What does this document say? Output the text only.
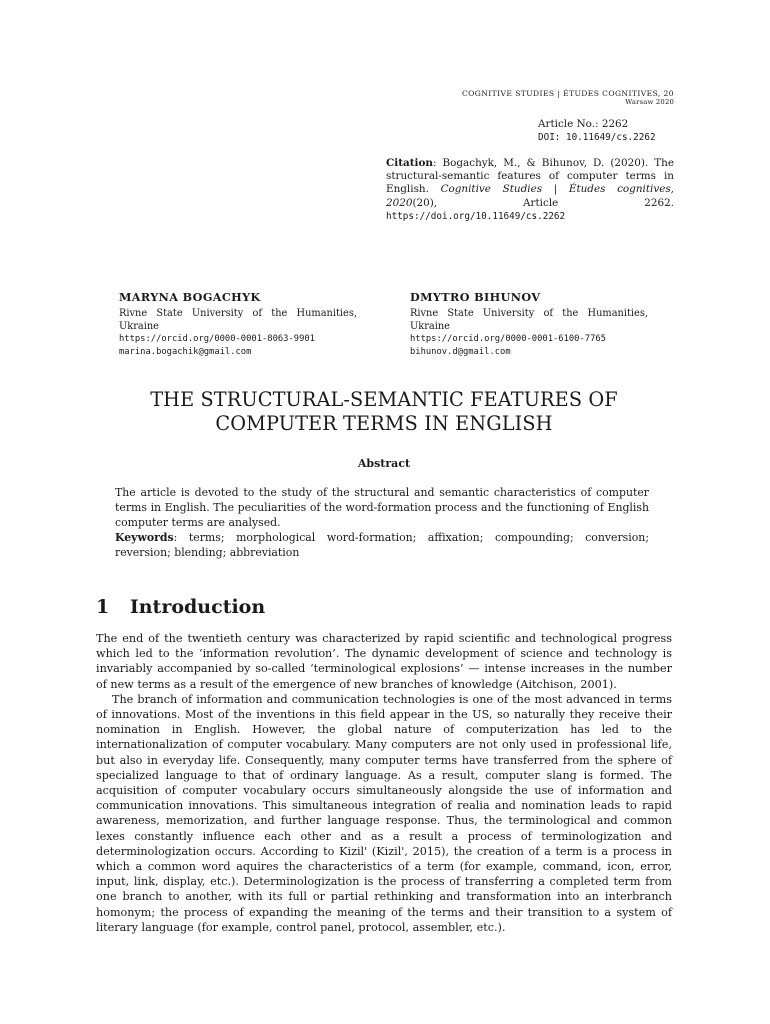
COGNITIVE STUDIES | ÉTUDES COGNITIVES, 20
Warsaw 2020
Article No.: 2262
DOI: 10.11649/cs.2262
Citation: Bogachyk, M., & Bihunov, D. (2020). The structural-semantic features of computer terms in English. Cognitive Studies | Études cognitives, 2020(20), Article 2262. https://doi.org/10.11649/cs.2262
MARYNA BOGACHYK
Rivne State University of the Humanities, Ukraine
https://orcid.org/0000-0001-8063-9901
marina.bogachik@gmail.com
DMYTRO BIHUNOV
Rivne State University of the Humanities, Ukraine
https://orcid.org/0000-0001-6100-7765
bihunov.d@gmail.com
THE STRUCTURAL-SEMANTIC FEATURES OF COMPUTER TERMS IN ENGLISH
Abstract
The article is devoted to the study of the structural and semantic characteristics of computer terms in English. The peculiarities of the word-formation process and the functioning of English computer terms are analysed.
Keywords: terms; morphological word-formation; affixation; compounding; conversion; reversion; blending; abbreviation
1 Introduction

The end of the twentieth century was characterized by rapid scientific and technological progress which led to the ‘information revolution’. The dynamic development of science and technology is invariably accompanied by so-called ‘terminological explosions’ — intense increases in the number of new terms as a result of the emergence of new branches of knowledge (Aitchison, 2001).

The branch of information and communication technologies is one of the most advanced in terms of innovations. Most of the inventions in this field appear in the US, so naturally they receive their nomination in English. However, the global nature of computerization has led to the internationalization of computer vocabulary. Many computers are not only used in professional life, but also in everyday life. Consequently, many computer terms have transferred from the sphere of specialized language to that of ordinary language. As a result, computer slang is formed. The acquisition of computer vocabulary occurs simultaneously alongside the use of information and communication innovations. This simultaneous integration of realia and nomination leads to rapid awareness, memorization, and further language response. Thus, the terminological and common lexes constantly influence each other and as a result a process of terminologization and determinologization occurs. According to Kizil' (Kizil', 2015), the creation of a term is a process in which a common word aquires the characteristics of a term (for example, command, icon, error, input, link, display, etc.). Determinologization is the process of transferring a completed term from one branch to another, with its full or partial rethinking and transformation into an interbranch homonym; the process of expanding the meaning of the terms and their transition to a system of literary language (for example, control panel, protocol, assembler, etc.).
